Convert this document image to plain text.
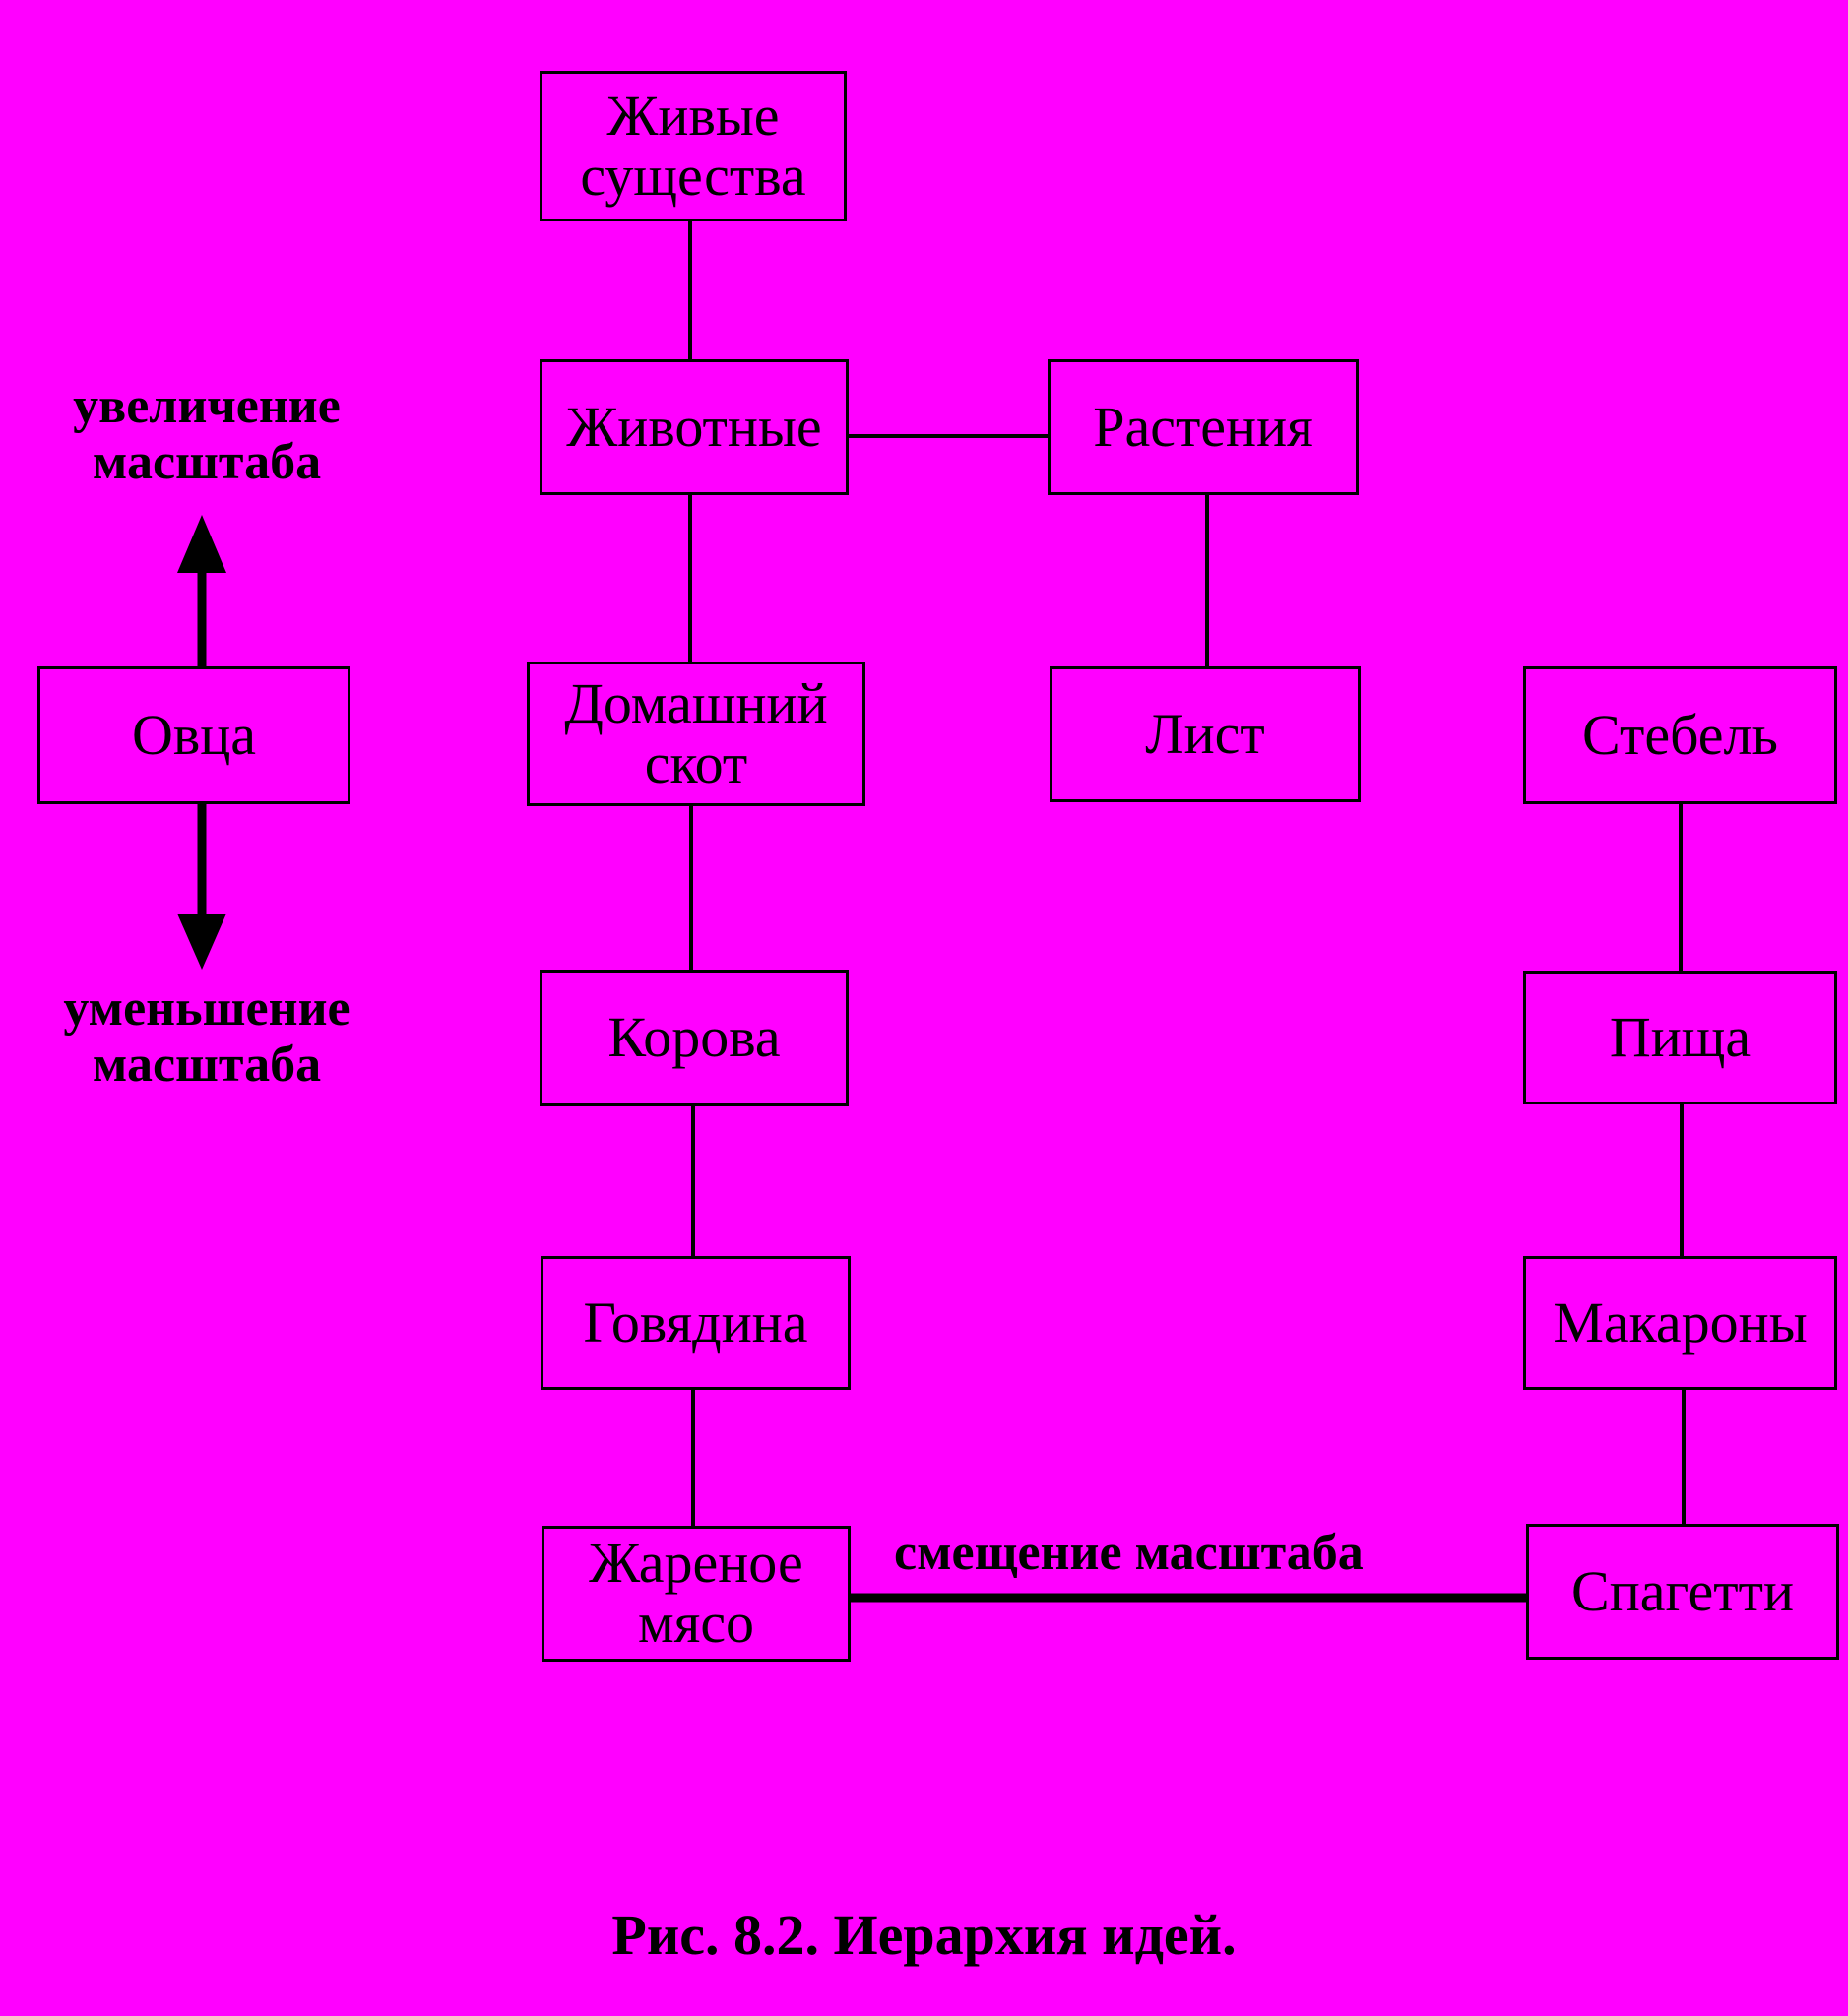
Живые
существа
Животные	Растения
Овца	Домашний
скот	Лист	Стебель
Корова	Пища
Говядина	Макароны
Жареное
мясо	Спагетти
увеличение
масштаба
уменьшение
масштаба
смещение масштаба
Рис. 8.2. Иерархия идей.
